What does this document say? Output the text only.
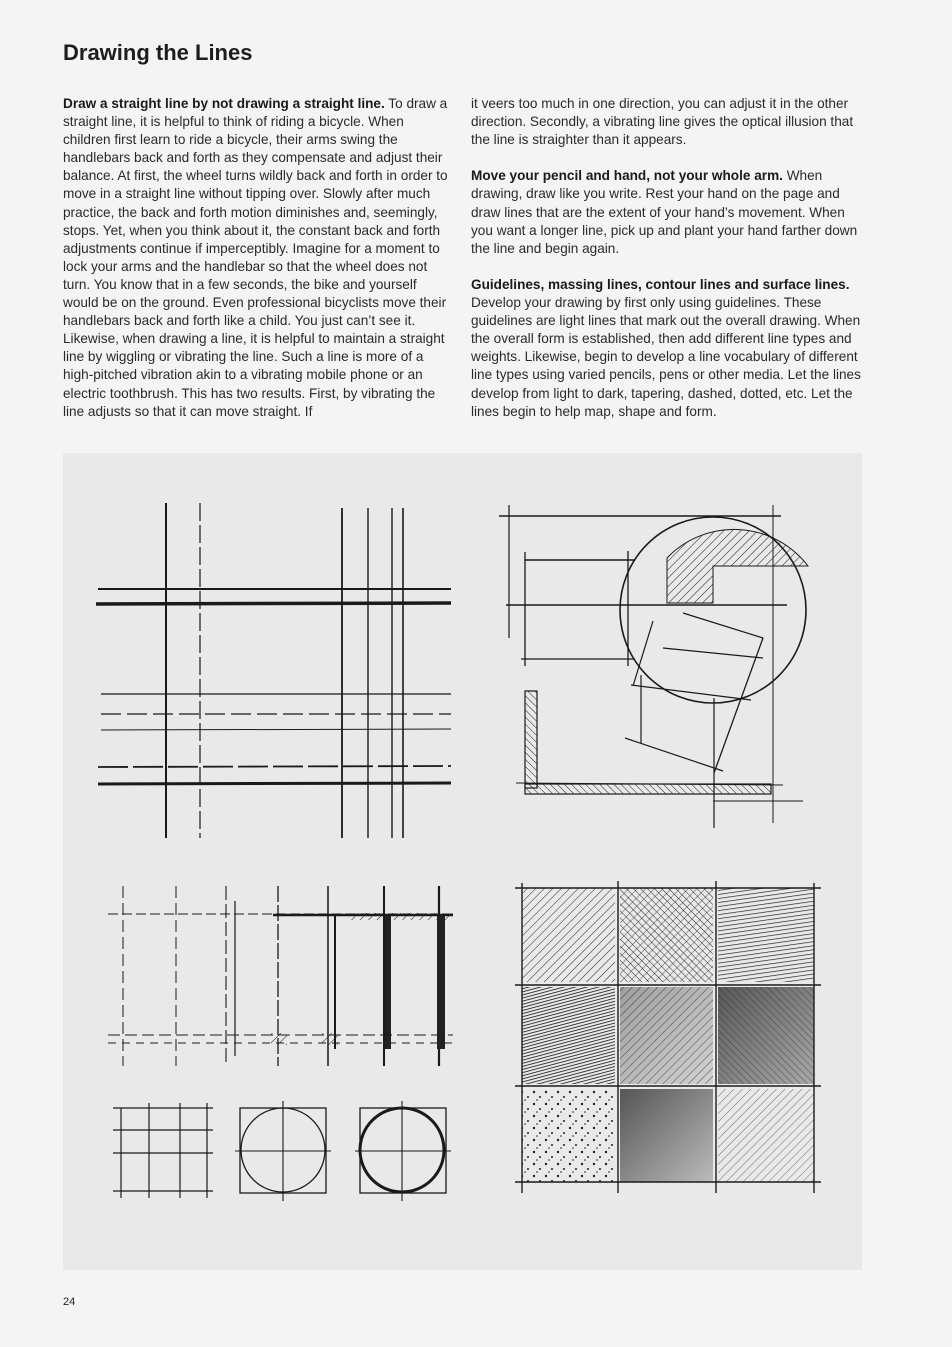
Drawing the Lines

Draw a straight line by not drawing a straight line. To draw a straight line, it is helpful to think of riding a bicycle. When children first learn to ride a bicycle, their arms swing the handlebars back and forth as they compensate and adjust their balance. At first, the wheel turns wildly back and forth in order to move in a straight line without tipping over. Slowly after much practice, the back and forth motion diminishes and, seemingly, stops. Yet, when you think about it, the constant back and forth adjustments continue if imperceptibly. Imagine for a moment to lock your arms and the handlebar so that the wheel does not turn. You know that in a few seconds, the bike and yourself would be on the ground. Even professional bicyclists move their handlebars back and forth like a child. You just can’t see it. Likewise, when drawing a line, it is helpful to maintain a straight line by wiggling or vibrating the line. Such a line is more of a high-pitched vibration akin to a vibrating mobile phone or an electric toothbrush. This has two results. First, by vibrating the line adjusts so that it can move straight. If

it veers too much in one direction, you can adjust it in the other direction. Secondly, a vibrating line gives the optical illusion that the line is straighter than it appears.

Move your pencil and hand, not your whole arm. When drawing, draw like you write. Rest your hand on the page and draw lines that are the extent of your hand’s movement. When you want a longer line, pick up and plant your hand farther down the line and begin again.

Guidelines, massing lines, contour lines and surface lines. Develop your drawing by first only using guidelines. These guidelines are light lines that mark out the overall drawing. When the overall form is established, then add different line types and weights. Likewise, begin to develop a line vocabulary of different line types using varied pencils, pens or other media. Let the lines develop from light to dark, tapering, dashed, dotted, etc. Let the lines begin to help map, shape and form.

24
